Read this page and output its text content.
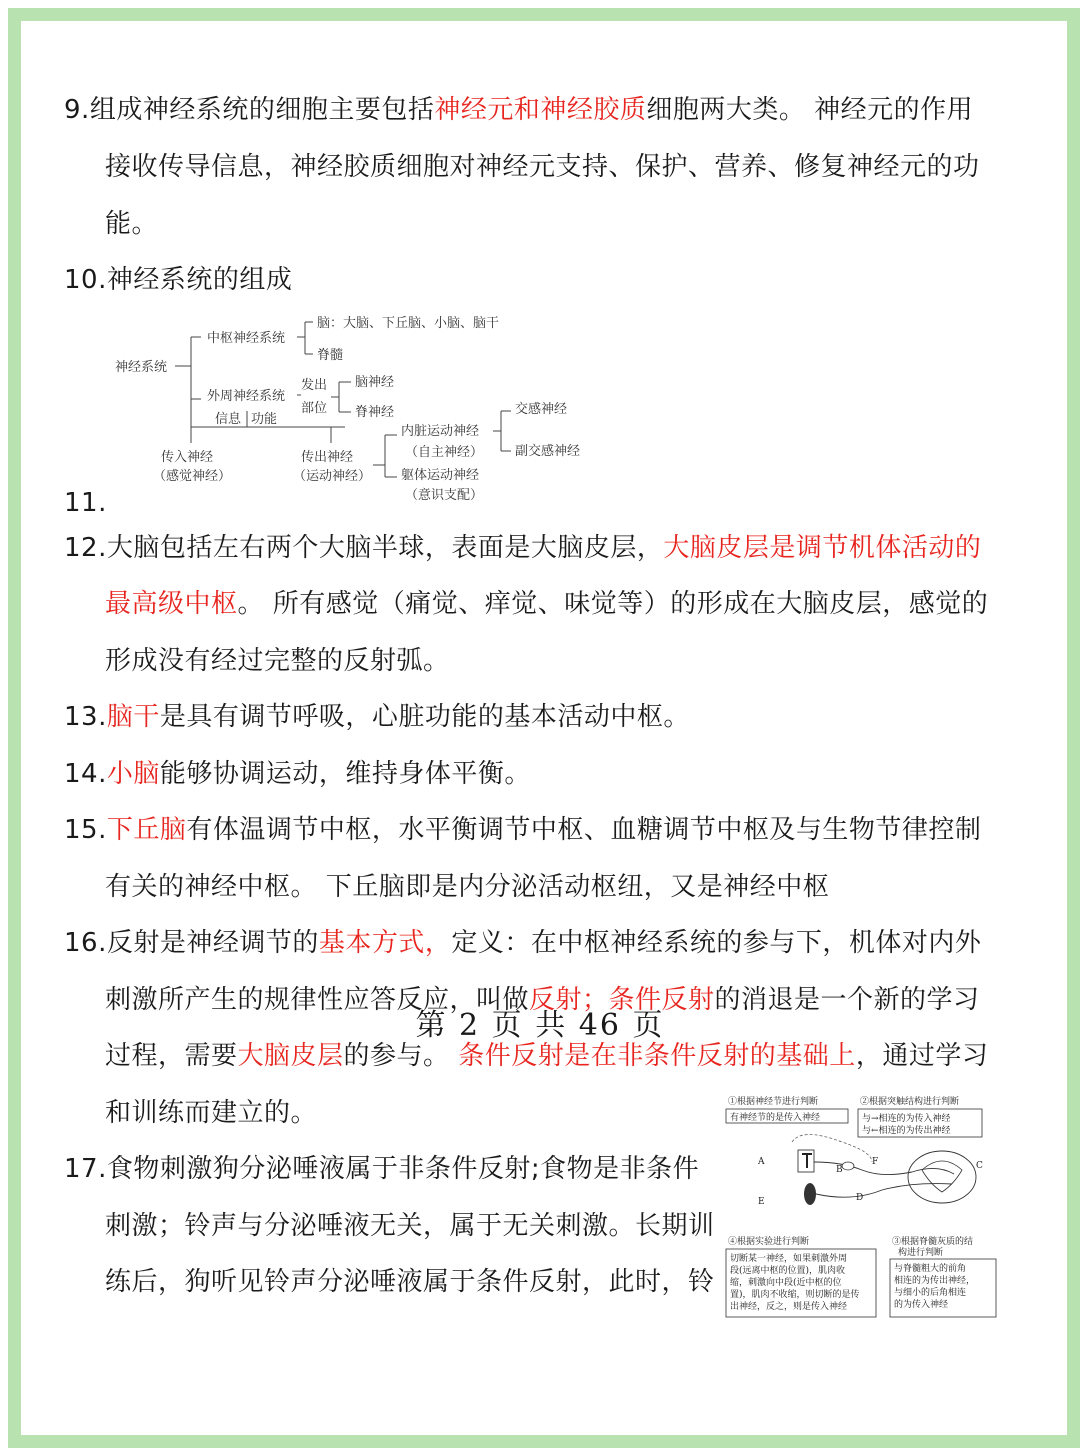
9.组成神经系统的细胞主要包括神经元和神经胶质细胞两大类。 神经元的作用
接收传导信息，神经胶质细胞对神经元支持、保护、营养、修复神经元的功
能。
10.神经系统的组成
神经系统
中枢神经系统
脑：大脑、下丘脑、小脑、脑干
脊髓
外周神经系统
发出
部位
脑神经
脊神经
信息 功能
传入神经
（感觉神经）
传出神经
（运动神经）
内脏运动神经
（自主神经）
躯体运动神经
（意识支配）
交感神经
副交感神经
11.
12.大脑包括左右两个大脑半球，表面是大脑皮层，大脑皮层是调节机体活动的
最高级中枢。 所有感觉（痛觉、痒觉、味觉等）的形成在大脑皮层，感觉的
形成没有经过完整的反射弧。
13.脑干是具有调节呼吸，心脏功能的基本活动中枢。
14.小脑能够协调运动，维持身体平衡。
15.下丘脑有体温调节中枢，水平衡调节中枢、血糖调节中枢及与生物节律控制
有关的神经中枢。 下丘脑即是内分泌活动枢纽，又是神经中枢
16.反射是神经调节的基本方式，定义：在中枢神经系统的参与下，机体对内外
刺激所产生的规律性应答反应，叫做反射；条件反射的消退是一个新的学习
过程，需要大脑皮层的参与。 条件反射是在非条件反射的基础上，通过学习
和训练而建立的。
17.食物刺激狗分泌唾液属于非条件反射;食物是非条件
刺激；铃声与分泌唾液无关，属于无关刺激。长期训
练后，狗听见铃声分泌唾液属于条件反射，此时，铃
①根据神经节进行判断
有神经节的是传入神经
②根据突触结构进行判断
与→相连的为传入神经
与←相连的为传出神经
A
B	C
D
E
F
④根据实验进行判断
切断某一神经，如果刺激外周
段(远离中枢的位置)，肌肉收
缩，刺激向中段(近中枢的位
置)，肌肉不收缩，则切断的是传
出神经，反之，则是传入神经
③根据脊髓灰质的结
构进行判断
与脊髓粗大的前角
相连的为传出神经，
与细小的后角相连
的为传入神经
第 2 页 共 46 页
